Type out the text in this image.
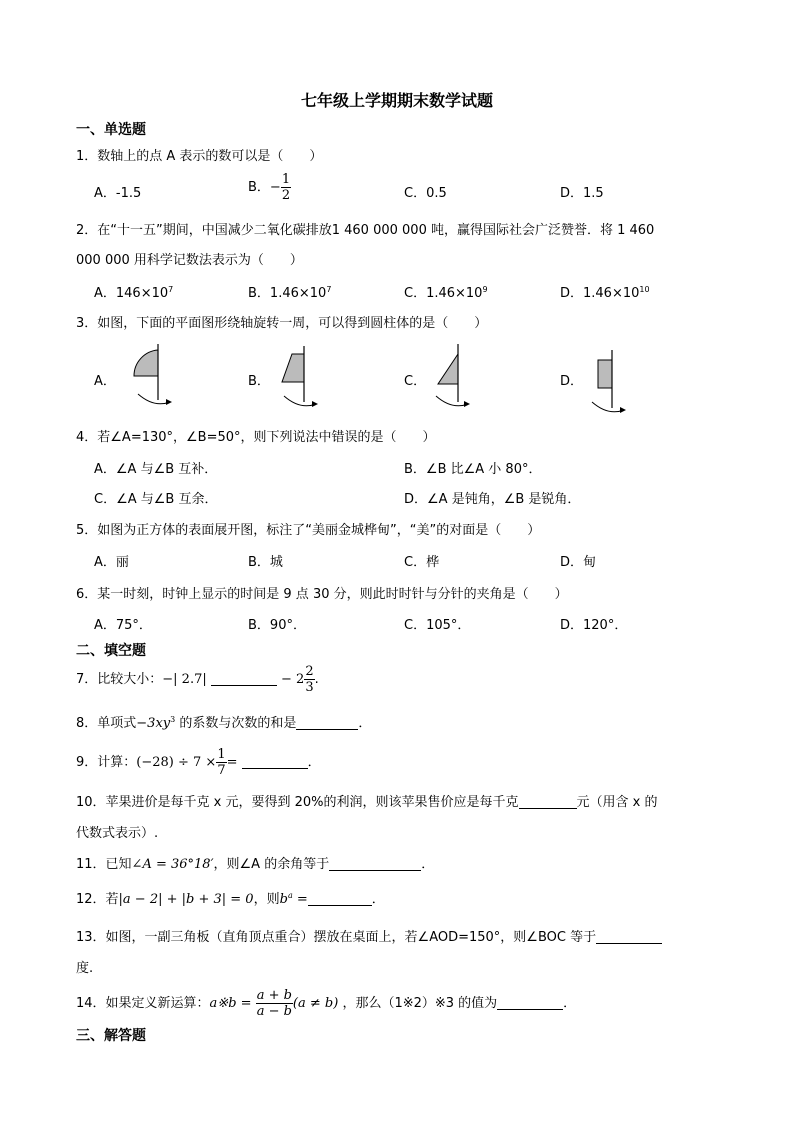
七年级上学期期末数学试题
一、单选题
1．数轴上的点 A 表示的数可以是（　　）
A．-1.5	B．− $\frac{1}{2}$	C．0.5	D．1.5
2．在“十一五”期间，中国减少二氧化碳排放1 460 000 000 吨，赢得国际社会广泛赞誉．将 1 460
000 000 用科学记数法表示为（　　）
A．$146\times 10^7$	B．$1.46\times 10^7$	C．$1.46\times 10^9$	D．$1.46\times 10^{10}$
3．如图，下面的平面图形绕轴旋转一周，可以得到圆柱体的是（　　）
A．	B．	C．	D．
4．若∠A=130°，∠B=50°，则下列说法中错误的是（　　）
A．∠A 与∠B 互补．	B．∠B 比∠A 小 80°．
C．∠A 与∠B 互余．	D．∠A 是钝角，∠B 是锐角．
5．如图为正方体的表面展开图，标注了“美丽金城桦甸”，“美”的对面是（　　）
A．丽	B．城	C．桦	D．甸
6．某一时刻，时钟上显示的时间是 9 点 30 分，则此时时针与分针的夹角是（　　）
A．75°．	B．90°．	C．105°．	D．120°．
二、填空题
7．比较大小：−| 2.7|	− $2 \frac{2}{3}$ .
8．单项式$-3xy^3$ 的系数与次数的和是	．
9．计算：$(-28) \div 7 \times \frac{1}{7}$ =	．
10．苹果进价是每千克 x 元，要得到 20%的利润，则该苹果售价应是每千克	元（用含 x 的
代数式表示）.
11．已知∠A = 36°18′，则∠A 的余角等于	．
12．若|a − 2| + |b + 3| = 0，则$b^a$ =	．
13．如图，一副三角板（直角顶点重合）摆放在桌面上，若∠AOD=150°，则∠BOC 等于
度.
14．如果定义新运算：a※b = $\frac{a + b}{a - b} (a \ne b)$ ，那么（1※2）※3 的值为	．
三、解答题
